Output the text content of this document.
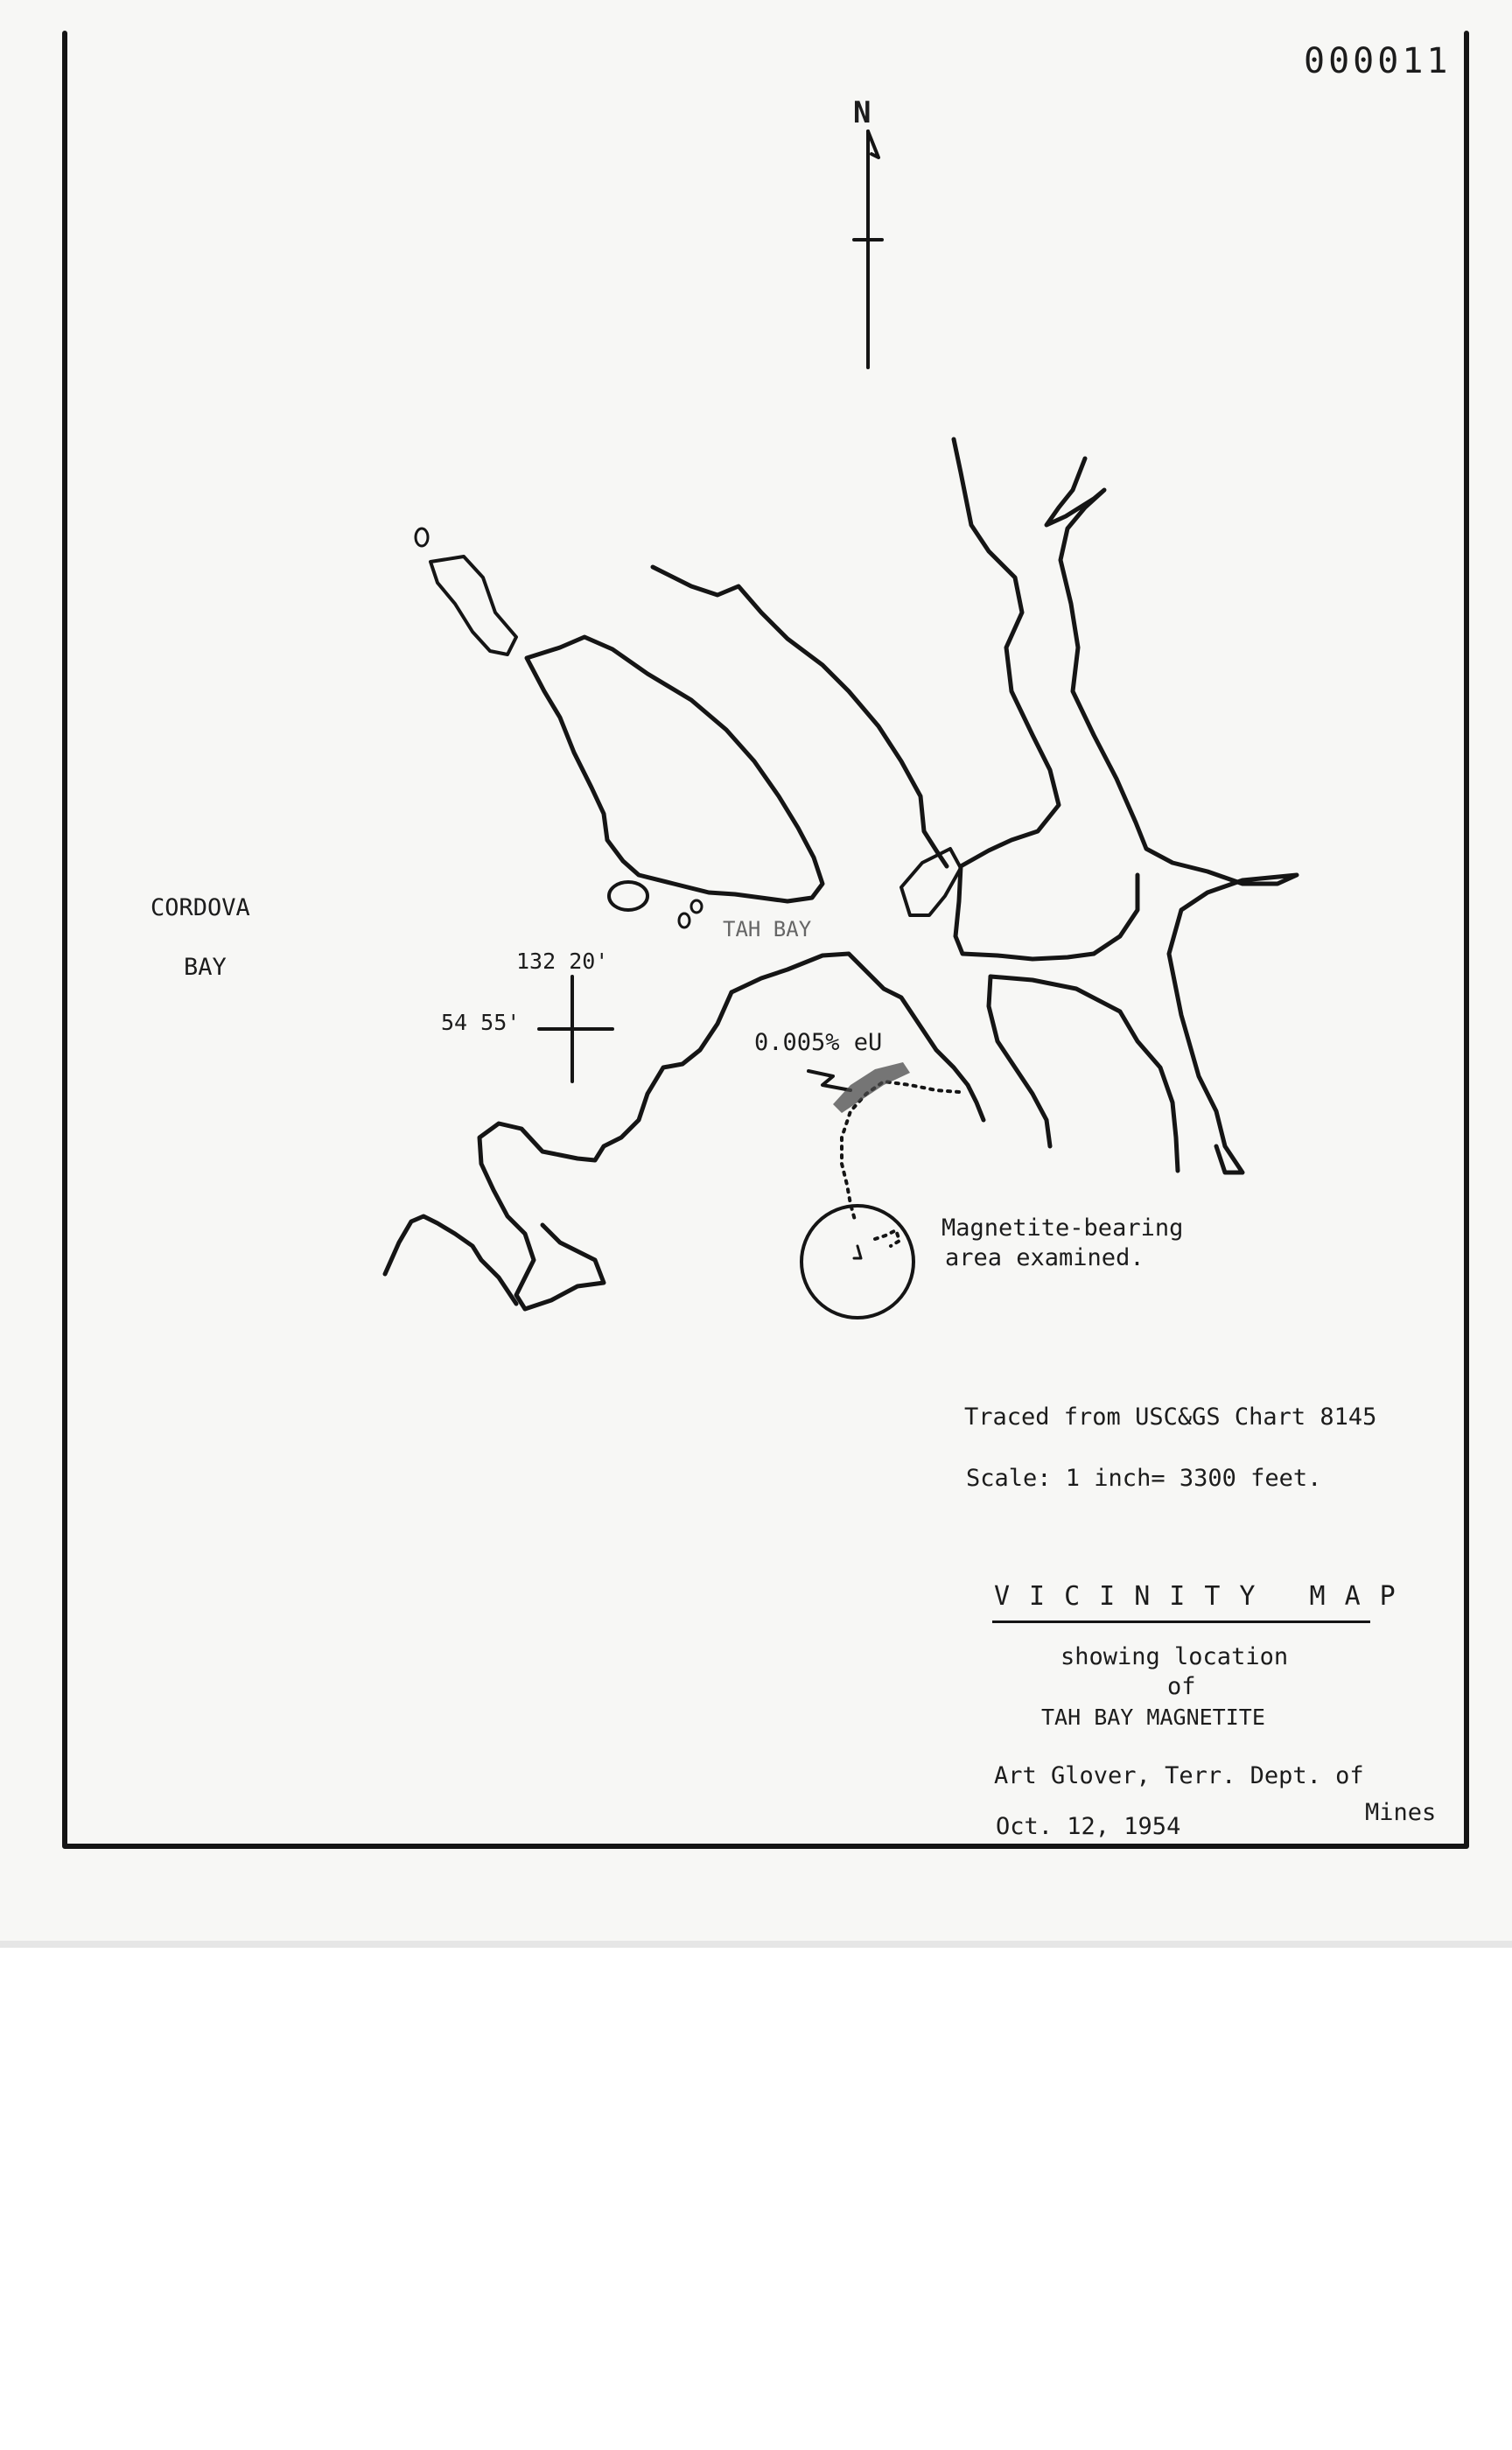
000011
N
CORDOVA
BAY
TAH BAY
132 20'
54 55'
0.005% eU
Magnetite-bearing
area examined.
Traced from USC&GS Chart 8145
Scale: 1 inch= 3300 feet.
VICINITY MAP
showing location
of
TAH BAY MAGNETITE
Art Glover, Terr. Dept. of
Mines
Oct. 12, 1954
